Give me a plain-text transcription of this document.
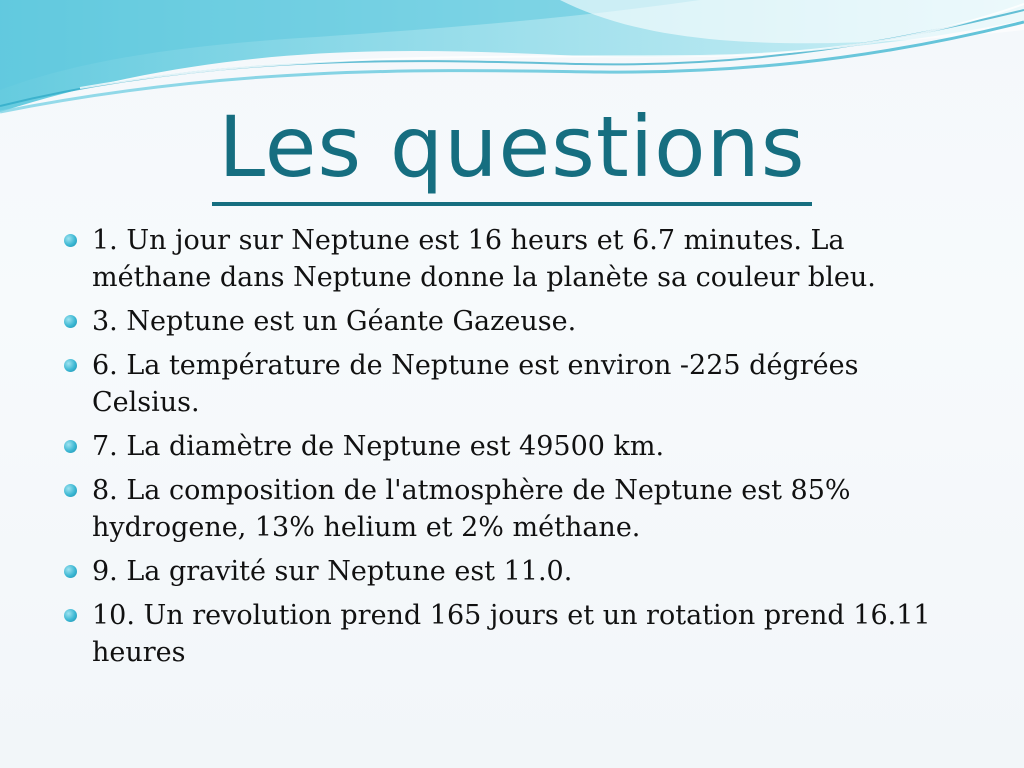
Les questions
1. Un jour sur Neptune est 16 heurs et 6.7 minutes. La méthane dans Neptune donne la planète sa couleur bleu.
3. Neptune est un Géante Gazeuse.
6. La température de Neptune est environ -225 dégrées Celsius.
7. La diamètre de Neptune est 49500 km.
8. La composition de l'atmosphère de Neptune est 85% hydrogene, 13% helium et 2% méthane.
9. La gravité sur Neptune est 11.0.
10. Un revolution prend 165 jours et un rotation prend 16.11 heures
